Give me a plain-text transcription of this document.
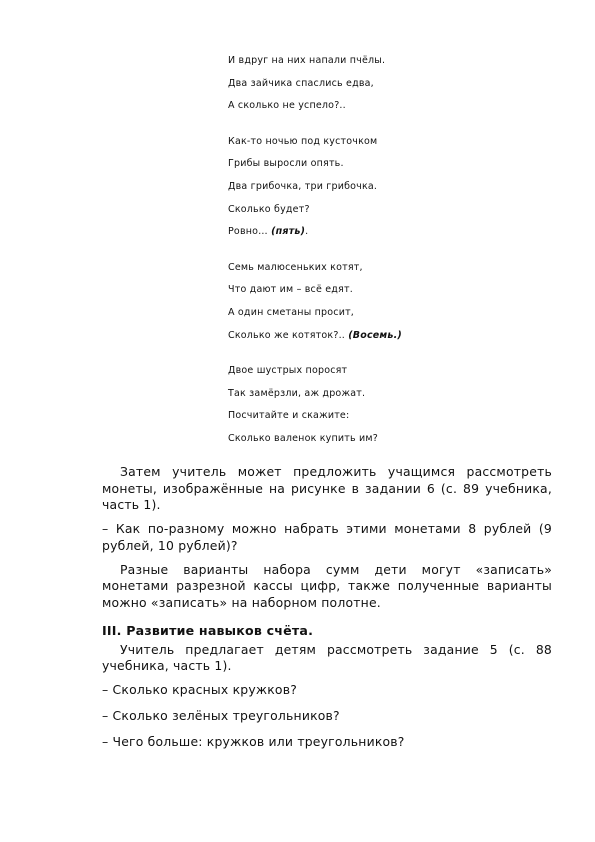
И вдруг на них напали пчёлы.
Два зайчика спаслись едва,
А сколько не успело?..
Как-то ночью под кусточком
Грибы выросли опять.
Два грибочка, три грибочка.
Сколько будет?
Ровно… (пять).
Семь малюсеньких котят,
Что дают им – всё едят.
А один сметаны просит,
Сколько же котяток?.. (Восемь.)
Двое шустрых поросят
Так замёрзли, аж дрожат.
Посчитайте и скажите:
Сколько валенок купить им?

Затем учитель может предложить учащимся рассмотреть монеты, изображённые на рисунке в задании 6 (с. 89 учебника, часть 1).

– Как по-разному можно набрать этими монетами 8 рублей (9 рублей, 10 рублей)?

Разные варианты набора сумм дети могут «записать» монетами разрезной кассы цифр, также полученные варианты можно «записать» на наборном полотне.

III. Развитие навыков счёта.

Учитель предлагает детям рассмотреть задание 5 (с. 88 учебника, часть 1).

– Сколько красных кружков?

– Сколько зелёных треугольников?

– Чего больше: кружков или треугольников?
